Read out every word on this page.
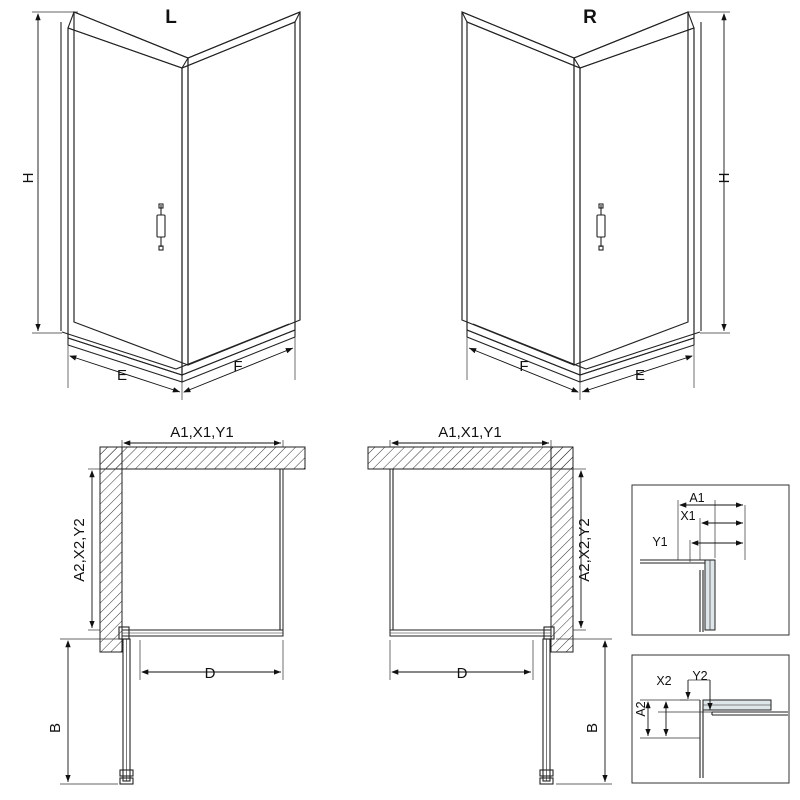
L	R
H	H
E
F
E
F
A1,X1,Y1	A1,X1,Y1
A2,X2,Y2	A2,X2,Y2
D	D
B	B
A1
X1
Y1
A2
X2 Y2
